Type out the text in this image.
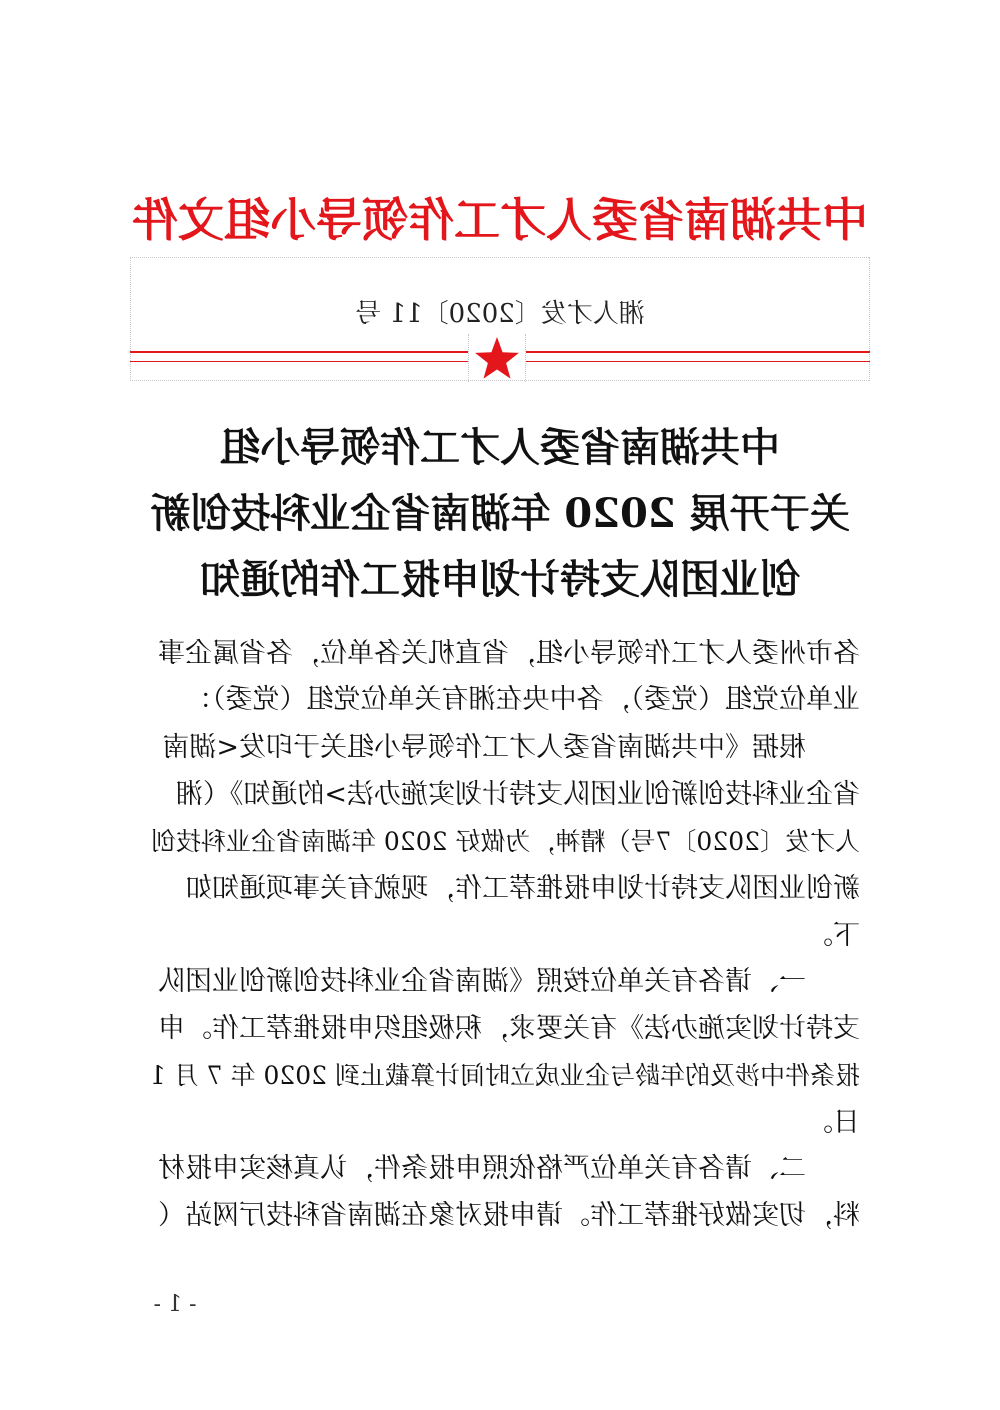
中共湖南省委人才工作领导小组文件
湘人才发〔2020〕11 号
中共湖南省委人才工作领导小组
关于开展 2020 年湖南省企业科技创新
创业团队支持计划申报工作的通知
各市州委人才工作领导小组，省直机关各单位，各省属企事
业单位党组（党委），各中央在湘有关单位党组（党委）：
　　根据《中共湖南省委人才工作领导小组关于印发<湖南
省企业科技创新创业团队支持计划实施办法>的通知》（湘
人才发〔2020〕7号）精神，为做好 2020 年湖南省企业科技创
新创业团队支持计划申报推荐工作，现就有关事项通知如
下。
　　一、请各有关单位按照《湖南省企业科技创新创业团队
支持计划实施办法》有关要求，积极组织申报推荐工作。申
报条件中涉及的年龄与企业成立时间计算截止到 2020 年 7 月 1
日。
　　二、请各有关单位严格依照申报条件，认真核实申报材
料，切实做好推荐工作。请申报对象在湖南省科技厅网站（
- 1 -
